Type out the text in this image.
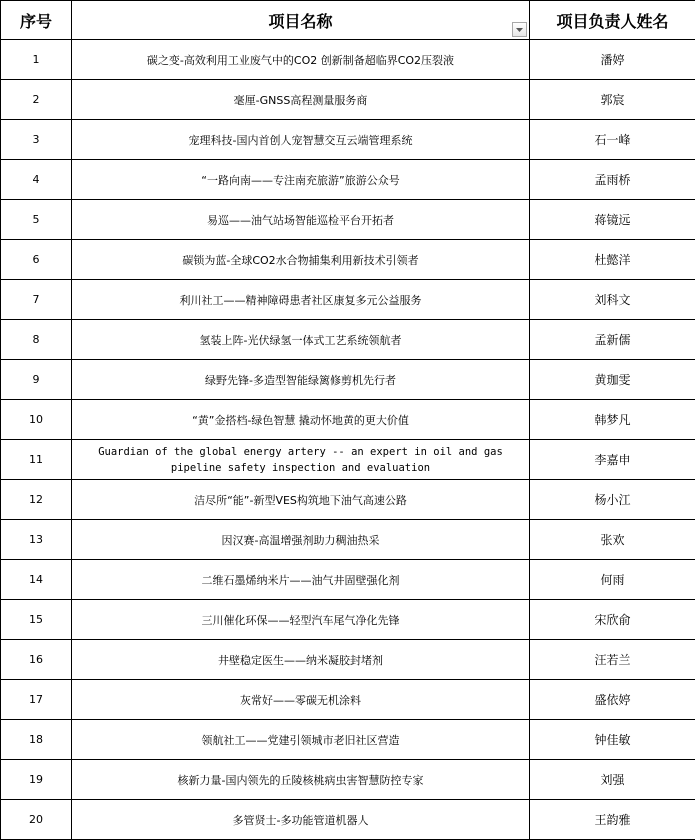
序号	项目名称	项目负责人姓名
1	碳之变-高效利用工业废气中的CO2 创新制备超临界CO2压裂液	潘婷
2	毫厘-GNSS高程测量服务商	郭宸
3	宠理科技-国内首创人宠智慧交互云端管理系统	石一峰
4	“一路向南——专注南充旅游”旅游公众号	孟雨桥
5	易巡——油气站场智能巡检平台开拓者	蒋镜远
6	碳锁为蓝-全球CO2水合物捕集利用新技术引领者	杜懿洋
7	利川社工——精神障碍患者社区康复多元公益服务	刘科文
8	氢装上阵-光伏绿氢一体式工艺系统领航者	孟新儒
9	绿野先锋-多造型智能绿篱修剪机先行者	黄珈雯
10	“黄”金搭档-绿色智慧 撬动怀地黄的更大价值	韩梦凡
11	Guardian of the global energy artery -- an expert in oil and gas pipeline safety inspection and evaluation	李嘉申
12	洁尽所“能”-新型VES构筑地下油气高速公路	杨小江
13	因汉赛-高温增强剂助力稠油热采	张欢
14	二维石墨烯纳米片——油气井固壁强化剂	何雨
15	三川催化环保——轻型汽车尾气净化先锋	宋欣俞
16	井壁稳定医生——纳米凝胶封堵剂	汪若兰
17	灰常好——零碳无机涂料	盛依婷
18	领航社工——党建引领城市老旧社区营造	钟佳敏
19	核新力量-国内领先的丘陵核桃病虫害智慧防控专家	刘强
20	多管贤士-多功能管道机器人	王韵雅
